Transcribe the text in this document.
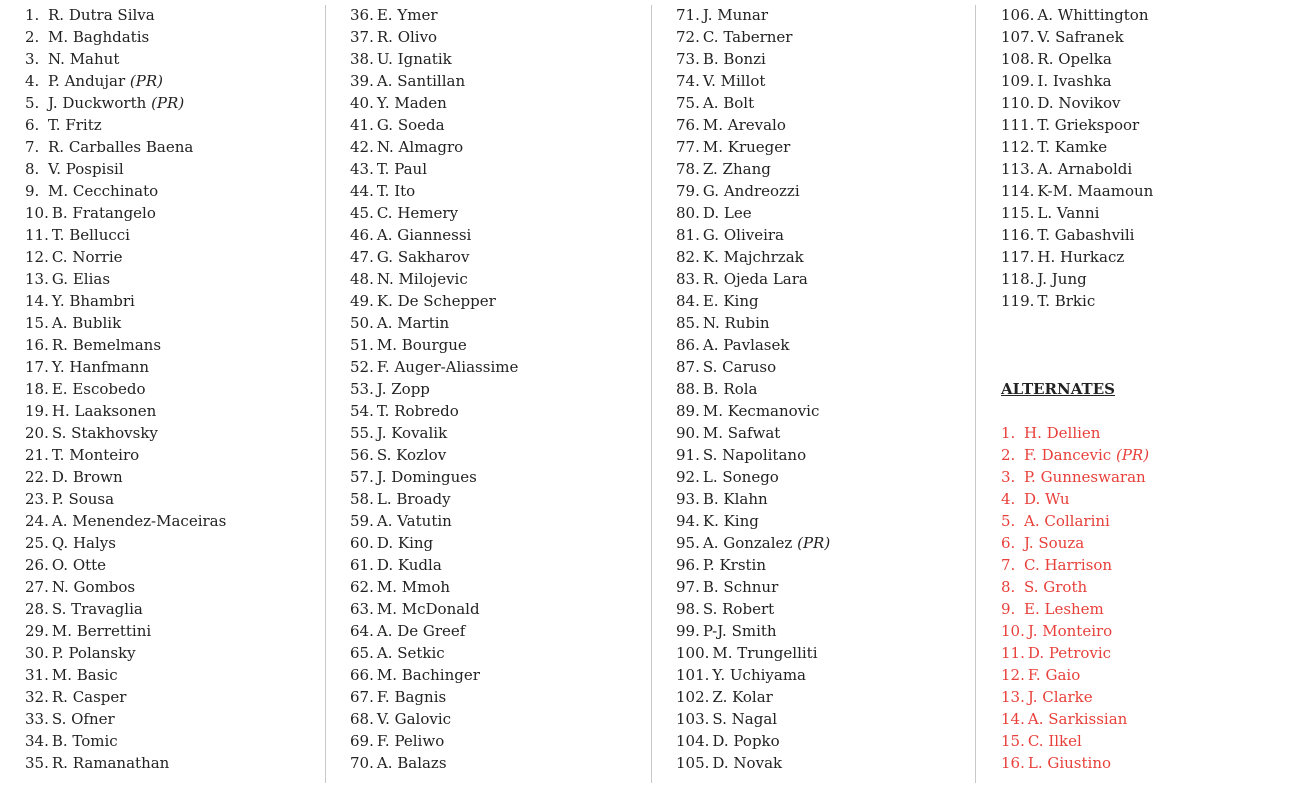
1. R. Dutra Silva
2. M. Baghdatis
3. N. Mahut
4. P. Andujar (PR)
5. J. Duckworth (PR)
6. T. Fritz
7. R. Carballes Baena
8. V. Pospisil
9. M. Cecchinato
10. B. Fratangelo
11. T. Bellucci
12. C. Norrie
13. G. Elias
14. Y. Bhambri
15. A. Bublik
16. R. Bemelmans
17. Y. Hanfmann
18. E. Escobedo
19. H. Laaksonen
20. S. Stakhovsky
21. T. Monteiro
22. D. Brown
23. P. Sousa
24. A. Menendez-Maceiras
25. Q. Halys
26. O. Otte
27. N. Gombos
28. S. Travaglia
29. M. Berrettini
30. P. Polansky
31. M. Basic
32. R. Casper
33. S. Ofner
34. B. Tomic
35. R. Ramanathan
36. E. Ymer
37. R. Olivo
38. U. Ignatik
39. A. Santillan
40. Y. Maden
41. G. Soeda
42. N. Almagro
43. T. Paul
44. T. Ito
45. C. Hemery
46. A. Giannessi
47. G. Sakharov
48. N. Milojevic
49. K. De Schepper
50. A. Martin
51. M. Bourgue
52. F. Auger-Aliassime
53. J. Zopp
54. T. Robredo
55. J. Kovalik
56. S. Kozlov
57. J. Domingues
58. L. Broady
59. A. Vatutin
60. D. King
61. D. Kudla
62. M. Mmoh
63. M. McDonald
64. A. De Greef
65. A. Setkic
66. M. Bachinger
67. F. Bagnis
68. V. Galovic
69. F. Peliwo
70. A. Balazs
71. J. Munar
72. C. Taberner
73. B. Bonzi
74. V. Millot
75. A. Bolt
76. M. Arevalo
77. M. Krueger
78. Z. Zhang
79. G. Andreozzi
80. D. Lee
81. G. Oliveira
82. K. Majchrzak
83. R. Ojeda Lara
84. E. King
85. N. Rubin
86. A. Pavlasek
87. S. Caruso
88. B. Rola
89. M. Kecmanovic
90. M. Safwat
91. S. Napolitano
92. L. Sonego
93. B. Klahn
94. K. King
95. A. Gonzalez (PR)
96. P. Krstin
97. B. Schnur
98. S. Robert
99. P-J. Smith
100. M. Trungelliti
101. Y. Uchiyama
102. Z. Kolar
103. S. Nagal
104. D. Popko
105. D. Novak
106. A. Whittington
107. V. Safranek
108. R. Opelka
109. I. Ivashka
110. D. Novikov
111. T. Griekspoor
112. T. Kamke
113. A. Arnaboldi
114. K-M. Maamoun
115. L. Vanni
116. T. Gabashvili
117. H. Hurkacz
118. J. Jung
119. T. Brkic
ALTERNATES
1. H. Dellien
2. F. Dancevic (PR)
3. P. Gunneswaran
4. D. Wu
5. A. Collarini
6. J. Souza
7. C. Harrison
8. S. Groth
9. E. Leshem
10. J. Monteiro
11. D. Petrovic
12. F. Gaio
13. J. Clarke
14. A. Sarkissian
15. C. Ilkel
16. L. Giustino
